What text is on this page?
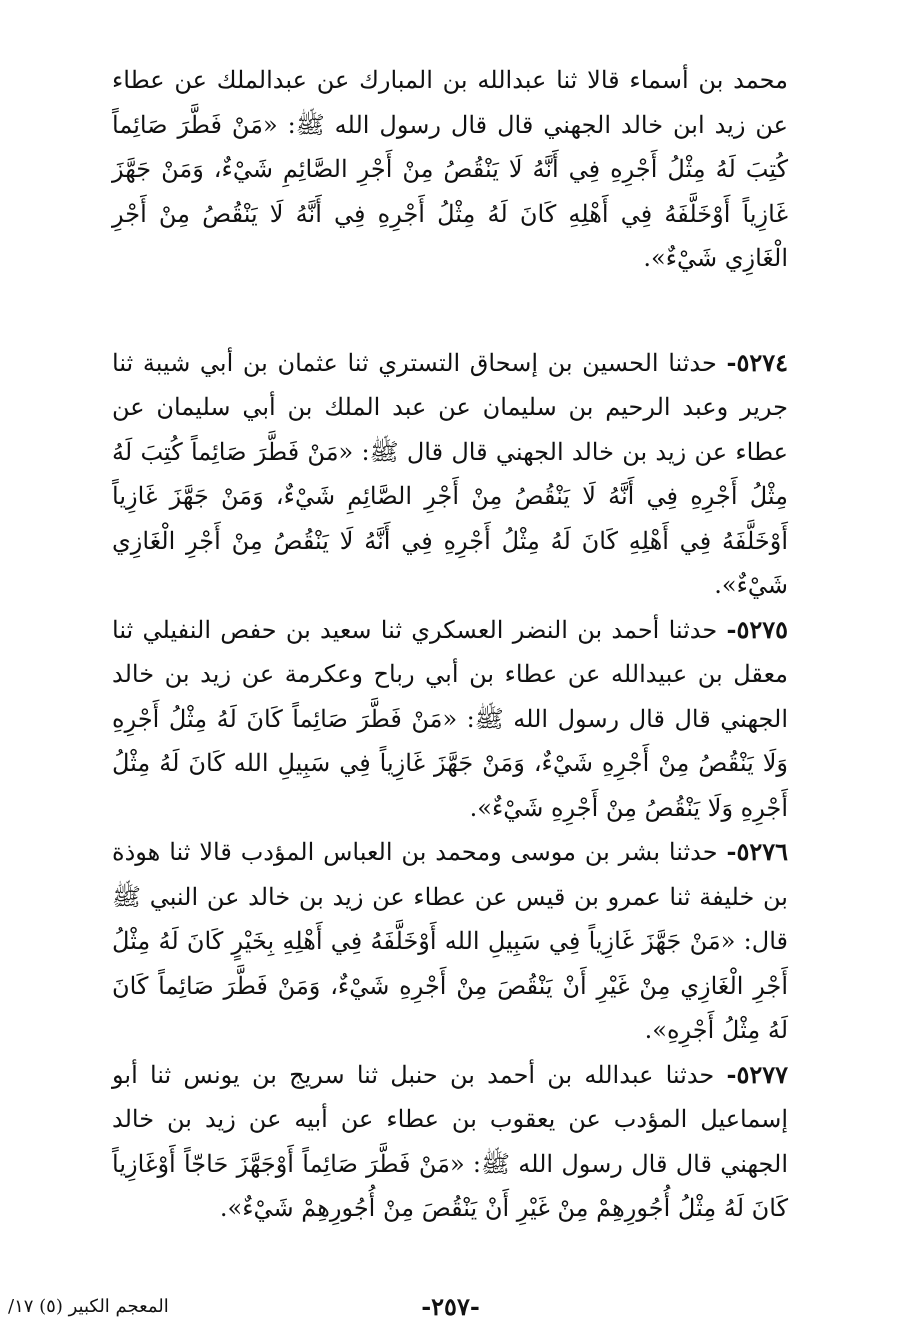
محمد بن أسماء قالا ثنا عبدالله بن المبارك عن عبدالملك عن عطاء عن زيد ابن خالد الجهني قال قال رسول الله ﷺ: «مَنْ فَطَّرَ صَائِماً كُتِبَ لَهُ مِثْلُ أَجْرِهِ فِي أَنَّهُ لَا يَنْقُصُ مِنْ أَجْرِ الصَّائِمِ شَيْءٌ، وَمَنْ جَهَّزَ غَازِياً أَوْخَلَّفَهُ فِي أَهْلِهِ كَانَ لَهُ مِثْلُ أَجْرِهِ فِي أَنَّهُ لَا يَنْقُصُ مِنْ أَجْرِ الْغَازِي شَيْءٌ».

٥٢٧٤- حدثنا الحسين بن إسحاق التستري ثنا عثمان بن أبي شيبة ثنا جرير وعبد الرحيم بن سليمان عن عبد الملك بن أبي سليمان عن عطاء عن زيد بن خالد الجهني قال قال ﷺ: «مَنْ فَطَّرَ صَائِماً كُتِبَ لَهُ مِثْلُ أَجْرِهِ فِي أَنَّهُ لَا يَنْقُصُ مِنْ أَجْرِ الصَّائِمِ شَيْءٌ، وَمَنْ جَهَّزَ غَازِياً أَوْخَلَّفَهُ فِي أَهْلِهِ كَانَ لَهُ مِثْلُ أَجْرِهِ فِي أَنَّهُ لَا يَنْقُصُ مِنْ أَجْرِ الْغَازِي شَيْءٌ».

٥٢٧٥- حدثنا أحمد بن النضر العسكري ثنا سعيد بن حفص النفيلي ثنا معقل بن عبيدالله عن عطاء بن أبي رباح وعكرمة عن زيد بن خالد الجهني قال قال رسول الله ﷺ: «مَنْ فَطَّرَ صَائِماً كَانَ لَهُ مِثْلُ أَجْرِهِ وَلَا يَنْقُصُ مِنْ أَجْرِهِ شَيْءٌ، وَمَنْ جَهَّزَ غَازِياً فِي سَبِيلِ الله كَانَ لَهُ مِثْلُ أَجْرِهِ وَلَا يَنْقُصُ مِنْ أَجْرِهِ شَيْءٌ».

٥٢٧٦- حدثنا بشر بن موسى ومحمد بن العباس المؤدب قالا ثنا هوذة بن خليفة ثنا عمرو بن قيس عن عطاء عن زيد بن خالد عن النبي ﷺ قال: «مَنْ جَهَّزَ غَازِياً فِي سَبِيلِ الله أَوْخَلَّفَهُ فِي أَهْلِهِ بِخَيْرٍ كَانَ لَهُ مِثْلُ أَجْرِ الْغَازِي مِنْ غَيْرِ أَنْ يَنْقُصَ مِنْ أَجْرِهِ شَيْءٌ، وَمَنْ فَطَّرَ صَائِماً كَانَ لَهُ مِثْلُ أَجْرِهِ».

٥٢٧٧- حدثنا عبدالله بن أحمد بن حنبل ثنا سريج بن يونس ثنا أبو إسماعيل المؤدب عن يعقوب بن عطاء عن أبيه عن زيد بن خالد الجهني قال قال رسول الله ﷺ: «مَنْ فَطَّرَ صَائِماً أَوْجَهَّزَ حَاجّاً أَوْغَازِياً كَانَ لَهُ مِثْلُ أُجُورِهِمْ مِنْ غَيْرِ أَنْ يَنْقُصَ مِنْ أُجُورِهِمْ شَيْءٌ».

-٢٥٧-
المعجم الكبير (٥) ١٧/
